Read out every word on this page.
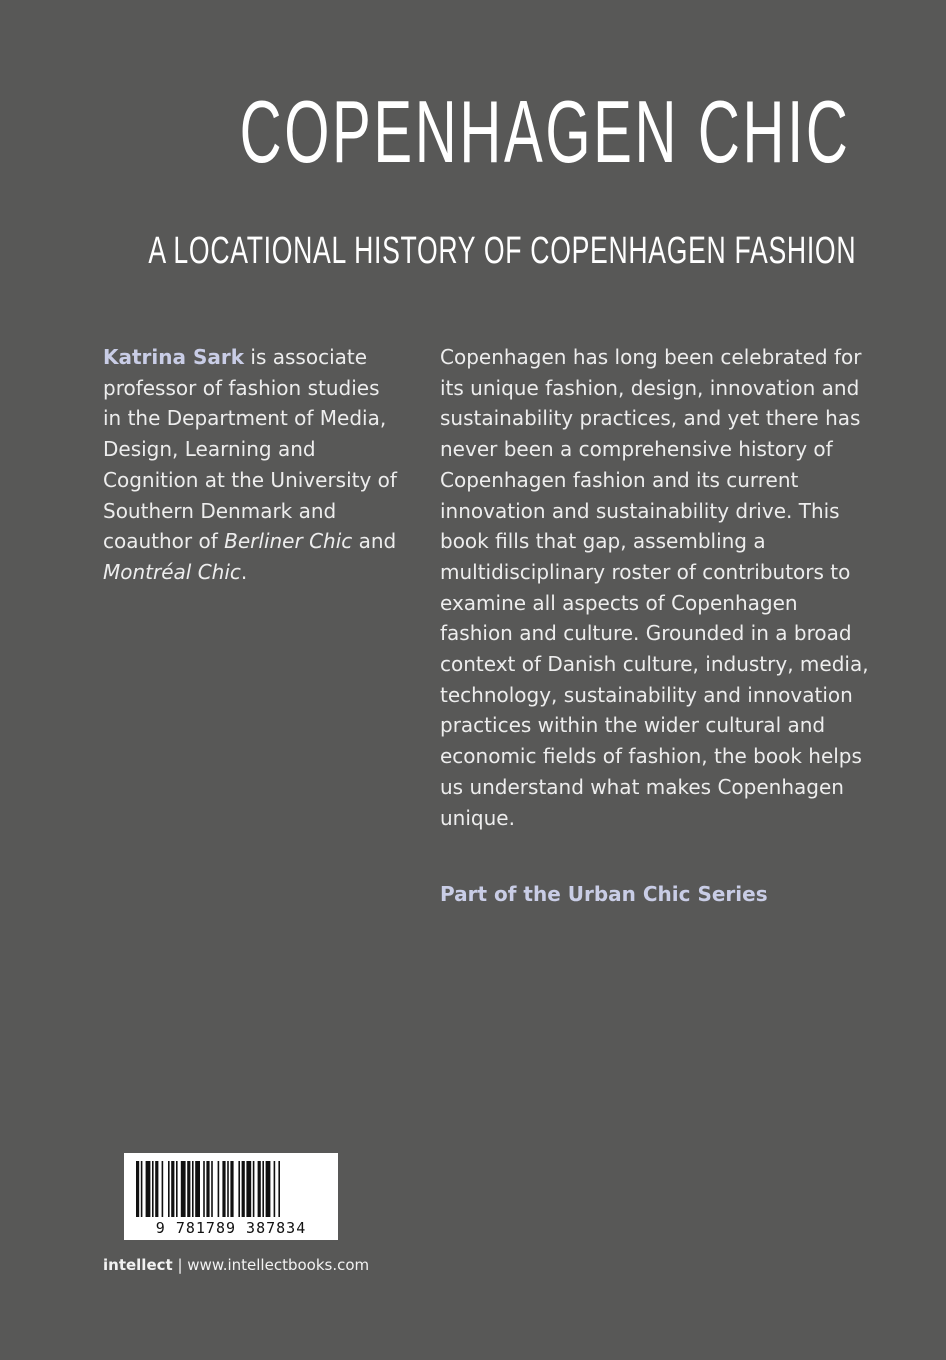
COPENHAGEN CHIC
A LOCATIONAL HISTORY OF COPENHAGEN FASHION
Katrina Sark is associate professor of fashion studies in the Department of Media, Design, Learning and Cognition at the University of Southern Denmark and coauthor of Berliner Chic and Montréal Chic.
Copenhagen has long been celebrated for its unique fashion, design, innovation and sustainability practices, and yet there has never been a comprehensive history of Copenhagen fashion and its current innovation and sustainability drive. This book fills that gap, assembling a multidisciplinary roster of contributors to examine all aspects of Copenhagen fashion and culture. Grounded in a broad context of Danish culture, industry, media, technology, sustainability and innovation practices within the wider cultural and economic fields of fashion, the book helps us understand what makes Copenhagen unique.
Part of the Urban Chic Series
9 781789 387834
intellect | www.intellectbooks.com
